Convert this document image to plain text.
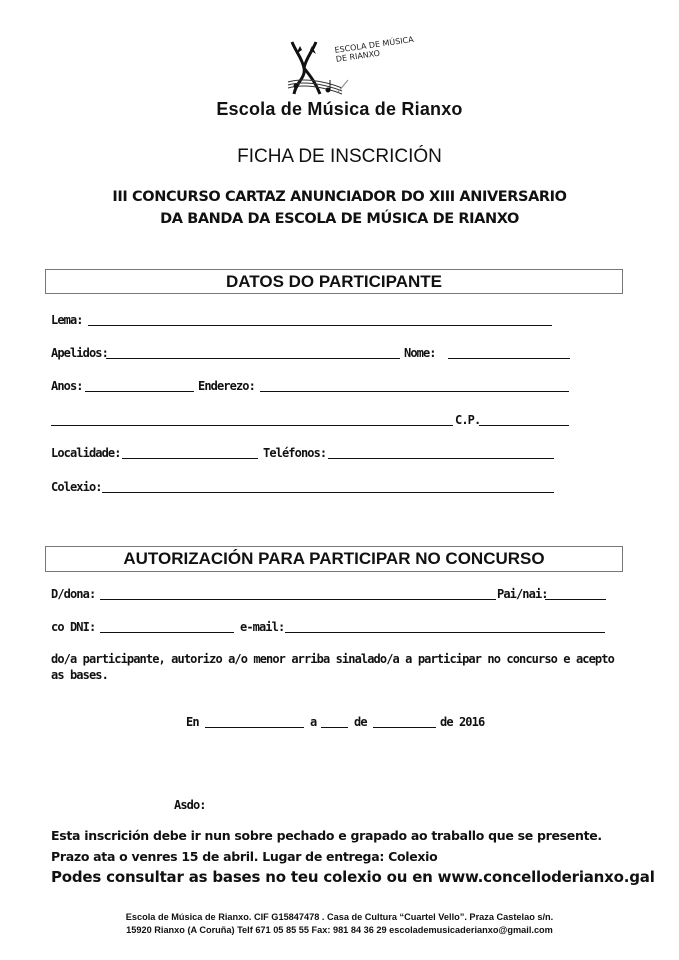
ESCOLA DE MÚSICA DE RIANXO
Escola de Música de Rianxo
FICHA DE INSCRICIÓN
III CONCURSO CARTAZ ANUNCIADOR DO XIII ANIVERSARIO
DA BANDA DA ESCOLA DE MÚSICA DE RIANXO
DATOS DO PARTICIPANTE
Lema:
Apelidos:	Nome:
Anos:	Enderezo:
C.P.
Localidade:	Teléfonos:
Colexio:
AUTORIZACIÓN PARA PARTICIPAR NO CONCURSO
D/dona:	Pai/nai:
co DNI:	e-mail:
do/a participante, autorizo a/o menor arriba sinalado/a a participar no concurso e acepto as bases.
En	a	de	de 2016
Asdo:
Esta inscrición debe ir nun sobre pechado e grapado ao traballo que se presente.
Prazo ata o venres 15 de abril. Lugar de entrega: Colexio
Podes consultar as bases no teu colexio ou en www.concelloderianxo.gal
Escola de Música de Rianxo. CIF G15847478 . Casa de Cultura “Cuartel Vello”. Praza Castelao s/n.
15920 Rianxo (A Coruña) Telf 671 05 85 55 Fax: 981 84 36 29 escolademusicaderianxo@gmail.com
